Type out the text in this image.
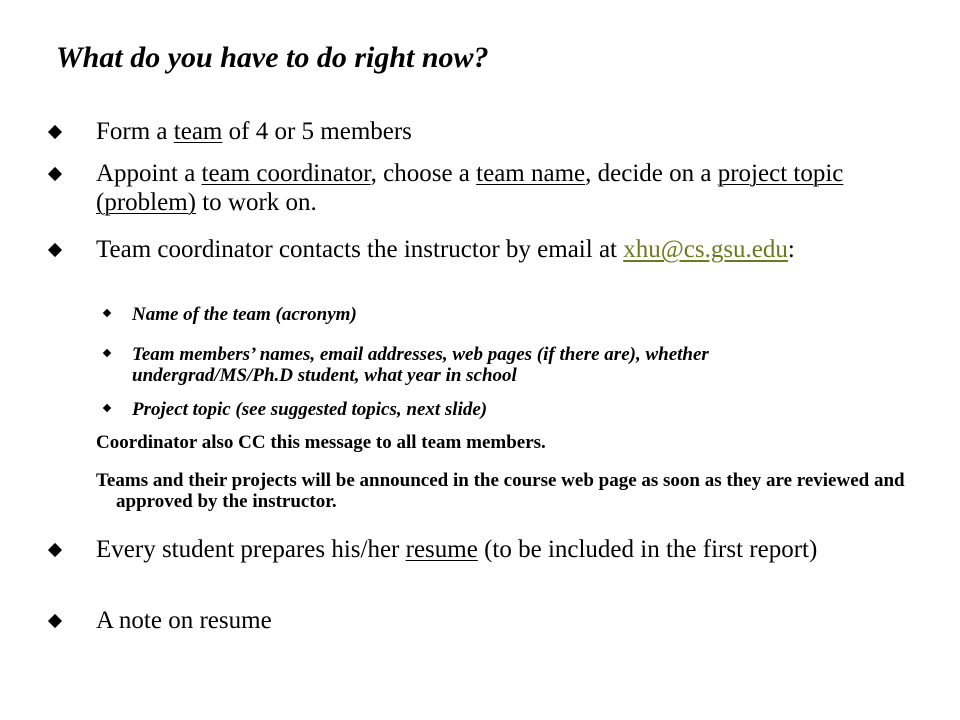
What do you have to do right now?

Form a team of 4 or 5 members

Appoint a team coordinator, choose a team name, decide on a project topic (problem) to work on.

Team coordinator contacts the instructor by email at xhu@cs.gsu.edu:

Name of the team (acronym)

Team members’ names, email addresses, web pages (if there are), whether undergrad/MS/Ph.D student, what year in school

Project topic (see suggested topics, next slide)

Coordinator also CC this message to all team members.

Teams and their projects will be announced in the course web page as soon as they are reviewed and approved by the instructor.

Every student prepares his/her resume (to be included in the first report)

A note on resume
